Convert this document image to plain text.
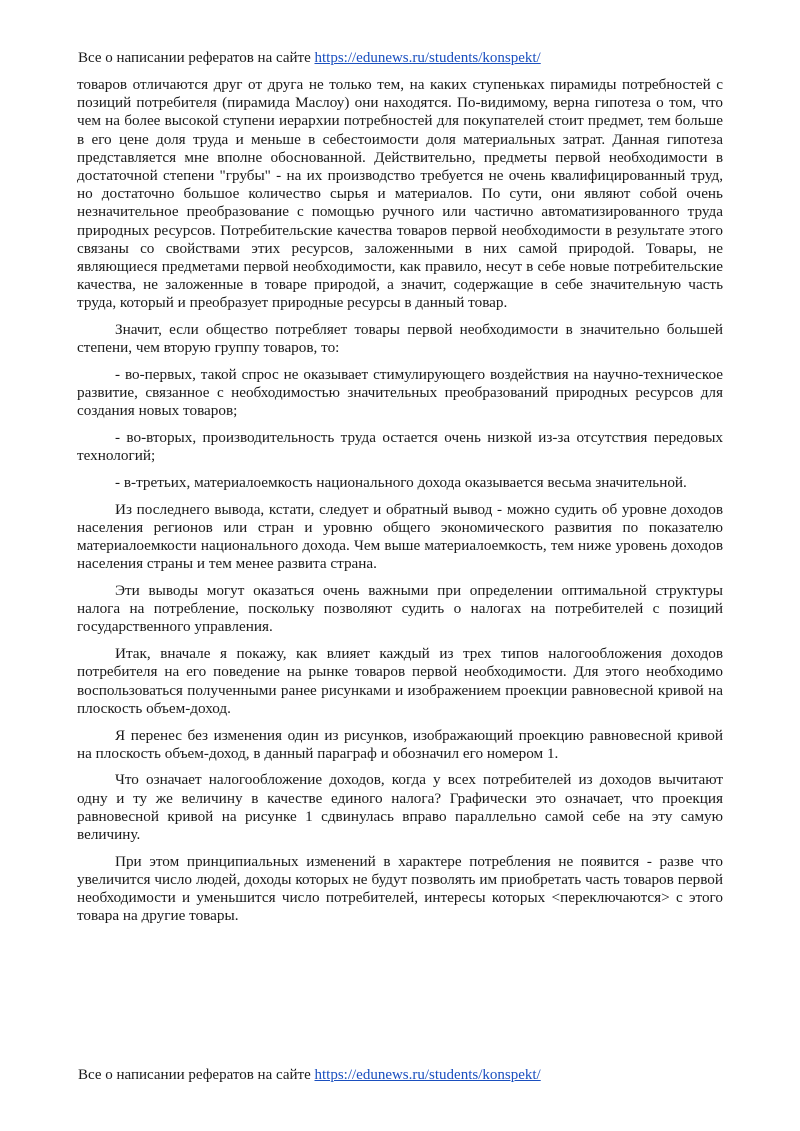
Все о написании рефератов на сайте https://edunews.ru/students/konspekt/

товаров отличаются друг от друга не только тем, на каких ступеньках пирамиды потребностей с позиций потребителя (пирамида Маслоу) они находятся. По-видимому, верна гипотеза о том, что чем на более высокой ступени иерархии потребностей для покупателей стоит предмет, тем больше в его цене доля труда и меньше в себестоимости доля материальных затрат. Данная гипотеза представляется мне вполне обоснованной. Действительно, предметы первой необходимости в достаточной степени "грубы" - на их производство требуется не очень квалифицированный труд, но достаточно большое количество сырья и материалов. По сути, они являют собой очень незначительное преобразование с помощью ручного или частично автоматизированного труда природных ресурсов. Потребительские качества товаров первой необходимости в результате этого связаны со свойствами этих ресурсов, заложенными в них самой природой. Товары, не являющиеся предметами первой необходимости, как правило, несут в себе новые потребительские качества, не заложенные в товаре природой, а значит, содержащие в себе значительную часть труда, который и преобразует природные ресурсы в данный товар.

Значит, если общество потребляет товары первой необходимости в значительно большей степени, чем вторую группу товаров, то:

- во-первых, такой спрос не оказывает стимулирующего воздействия на научно-техническое развитие, связанное с необходимостью значительных преобразований природных ресурсов для создания новых товаров;

- во-вторых, производительность труда остается очень низкой из-за отсутствия передовых технологий;

- в-третьих, материалоемкость национального дохода оказывается весьма значительной.

Из последнего вывода, кстати, следует и обратный вывод - можно судить об уровне доходов населения регионов или стран и уровню общего экономического развития по показателю материалоемкости национального дохода. Чем выше материалоемкость, тем ниже уровень доходов населения страны и тем менее развита страна.

Эти выводы могут оказаться очень важными при определении оптимальной структуры налога на потребление, поскольку позволяют судить о налогах на потребителей с позиций государственного управления.

Итак, вначале я покажу, как влияет каждый из трех типов налогообложения доходов потребителя на его поведение на рынке товаров первой необходимости. Для этого необходимо воспользоваться полученными ранее рисунками и изображением проекции равновесной кривой на плоскость объем-доход.

Я перенес без изменения один из рисунков, изображающий проекцию равновесной кривой на плоскость объем-доход, в данный параграф и обозначил его номером 1.

Что означает налогообложение доходов, когда у всех потребителей из доходов вычитают одну и ту же величину в качестве единого налога? Графически это означает, что проекция равновесной кривой на рисунке 1 сдвинулась вправо параллельно самой себе на эту самую величину.

При этом принципиальных изменений в характере потребления не появится - разве что увеличится число людей, доходы которых не будут позволять им приобретать часть товаров первой необходимости и уменьшится число потребителей, интересы которых <переключаются> с этого товара на другие товары.

Все о написании рефератов на сайте https://edunews.ru/students/konspekt/
